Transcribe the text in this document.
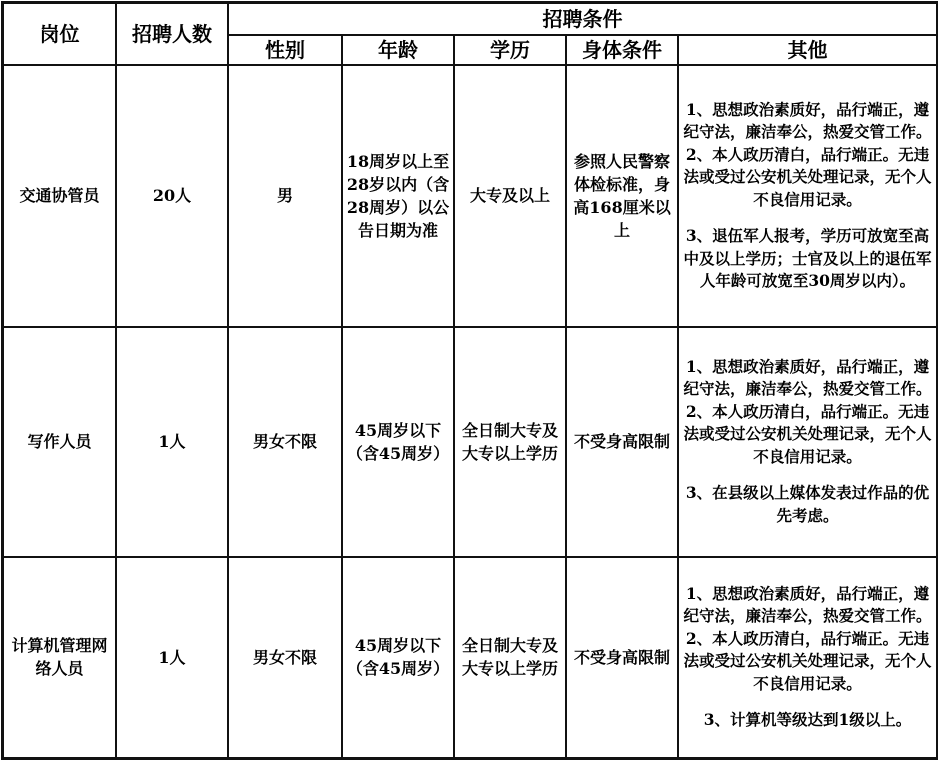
岗位	招聘人数	招聘条件				
		性别	年龄	学历	身体条件	其他
交通协管员	20人	男	18周岁以上至28岁以内（含28周岁）以公告日期为准	大专及以上	参照人民警察体检标准，身高168厘米以上	1、思想政治素质好，品行端正，遵纪守法，廉洁奉公，热爱交管工作。

2、本人政历清白，品行端正。无违法或受过公安机关处理记录，无个人不良信用记录。

3、退伍军人报考，学历可放宽至高中及以上学历；士官及以上的退伍军人年龄可放宽至30周岁以内）。

写作人员	1人	男女不限	45周岁以下（含45周岁）	全日制大专及大专以上学历	不受身高限制	1、思想政治素质好，品行端正，遵纪守法，廉洁奉公，热爱交管工作。

2、本人政历清白，品行端正。无违法或受过公安机关处理记录，无个人不良信用记录。

3、在县级以上媒体发表过作品的优先考虑。

计算机管理网络人员	1人	男女不限	45周岁以下（含45周岁）	全日制大专及大专以上学历	不受身高限制	1、思想政治素质好，品行端正，遵纪守法，廉洁奉公，热爱交管工作。

2、本人政历清白，品行端正。无违法或受过公安机关处理记录，无个人不良信用记录。

3、计算机等级达到1级以上。
